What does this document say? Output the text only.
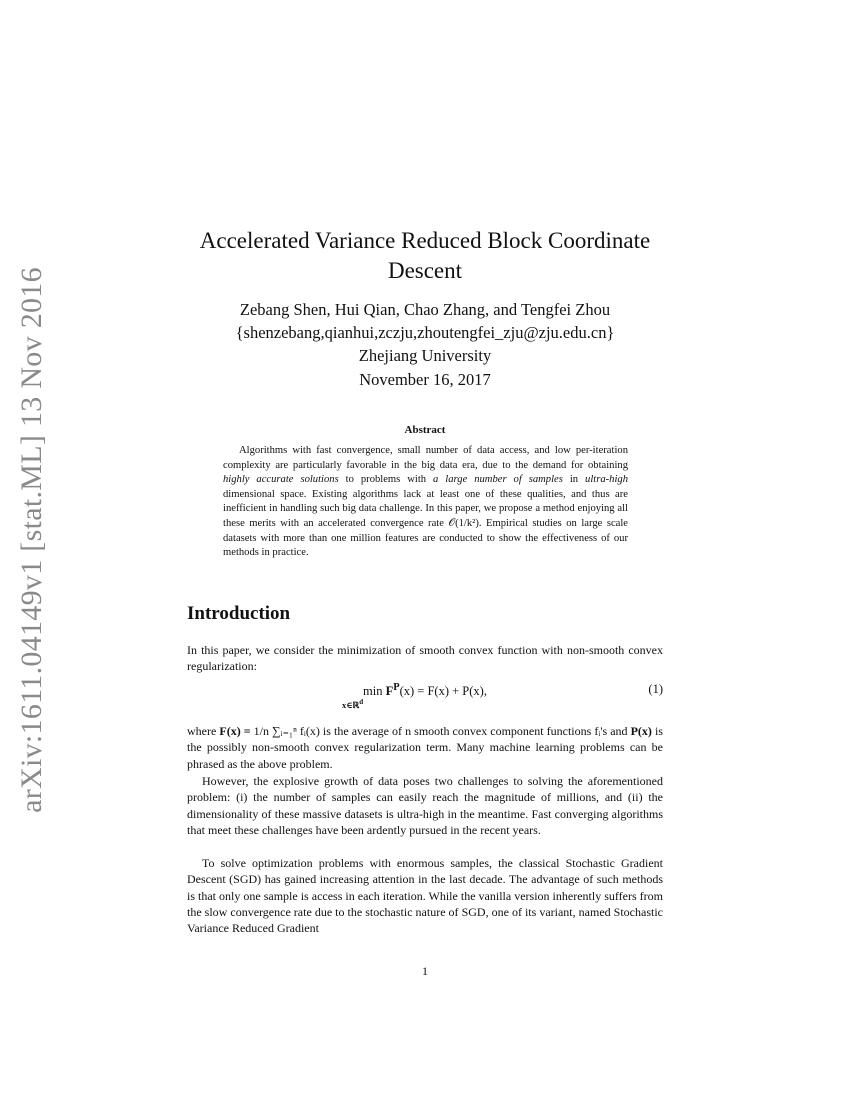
arXiv:1611.04149v1 [stat.ML] 13 Nov 2016
Accelerated Variance Reduced Block Coordinate
Descent
Zebang Shen, Hui Qian, Chao Zhang, and Tengfei Zhou
{shenzebang,qianhui,zczju,zhoutengfei_zju@zju.edu.cn}
Zhejiang University
November 16, 2017
Abstract
Algorithms with fast convergence, small number of data access, and low per-iteration complexity are particularly favorable in the big data era, due to the demand for obtaining highly accurate solutions to problems with a large number of samples in ultra-high dimensional space. Existing algorithms lack at least one of these qualities, and thus are inefficient in handling such big data challenge. In this paper, we propose a method enjoying all these merits with an accelerated convergence rate 𝒪(1/k²). Empirical studies on large scale datasets with more than one million features are conducted to show the effectiveness of our methods in practice.
Introduction
In this paper, we consider the minimization of smooth convex function with non-smooth convex regularization:
$\min F^P(x) = F(x) + P(x)$,
x∈ℝ$^d$
(1)
where F(x) = 1/n ∑ᵢ₌₁ⁿ fᵢ(x) is the average of n smooth convex component functions fᵢ's and P(x) is the possibly non-smooth convex regularization term. Many machine learning problems can be phrased as the above problem.
However, the explosive growth of data poses two challenges to solving the aforementioned problem: (i) the number of samples can easily reach the magnitude of millions, and (ii) the dimensionality of these massive datasets is ultra-high in the meantime. Fast converging algorithms that meet these challenges have been ardently pursued in the recent years.
To solve optimization problems with enormous samples, the classical Stochastic Gradient Descent (SGD) has gained increasing attention in the last decade. The advantage of such methods is that only one sample is access in each iteration. While the vanilla version inherently suffers from the slow convergence rate due to the stochastic nature of SGD, one of its variant, named Stochastic Variance Reduced Gradient
1
